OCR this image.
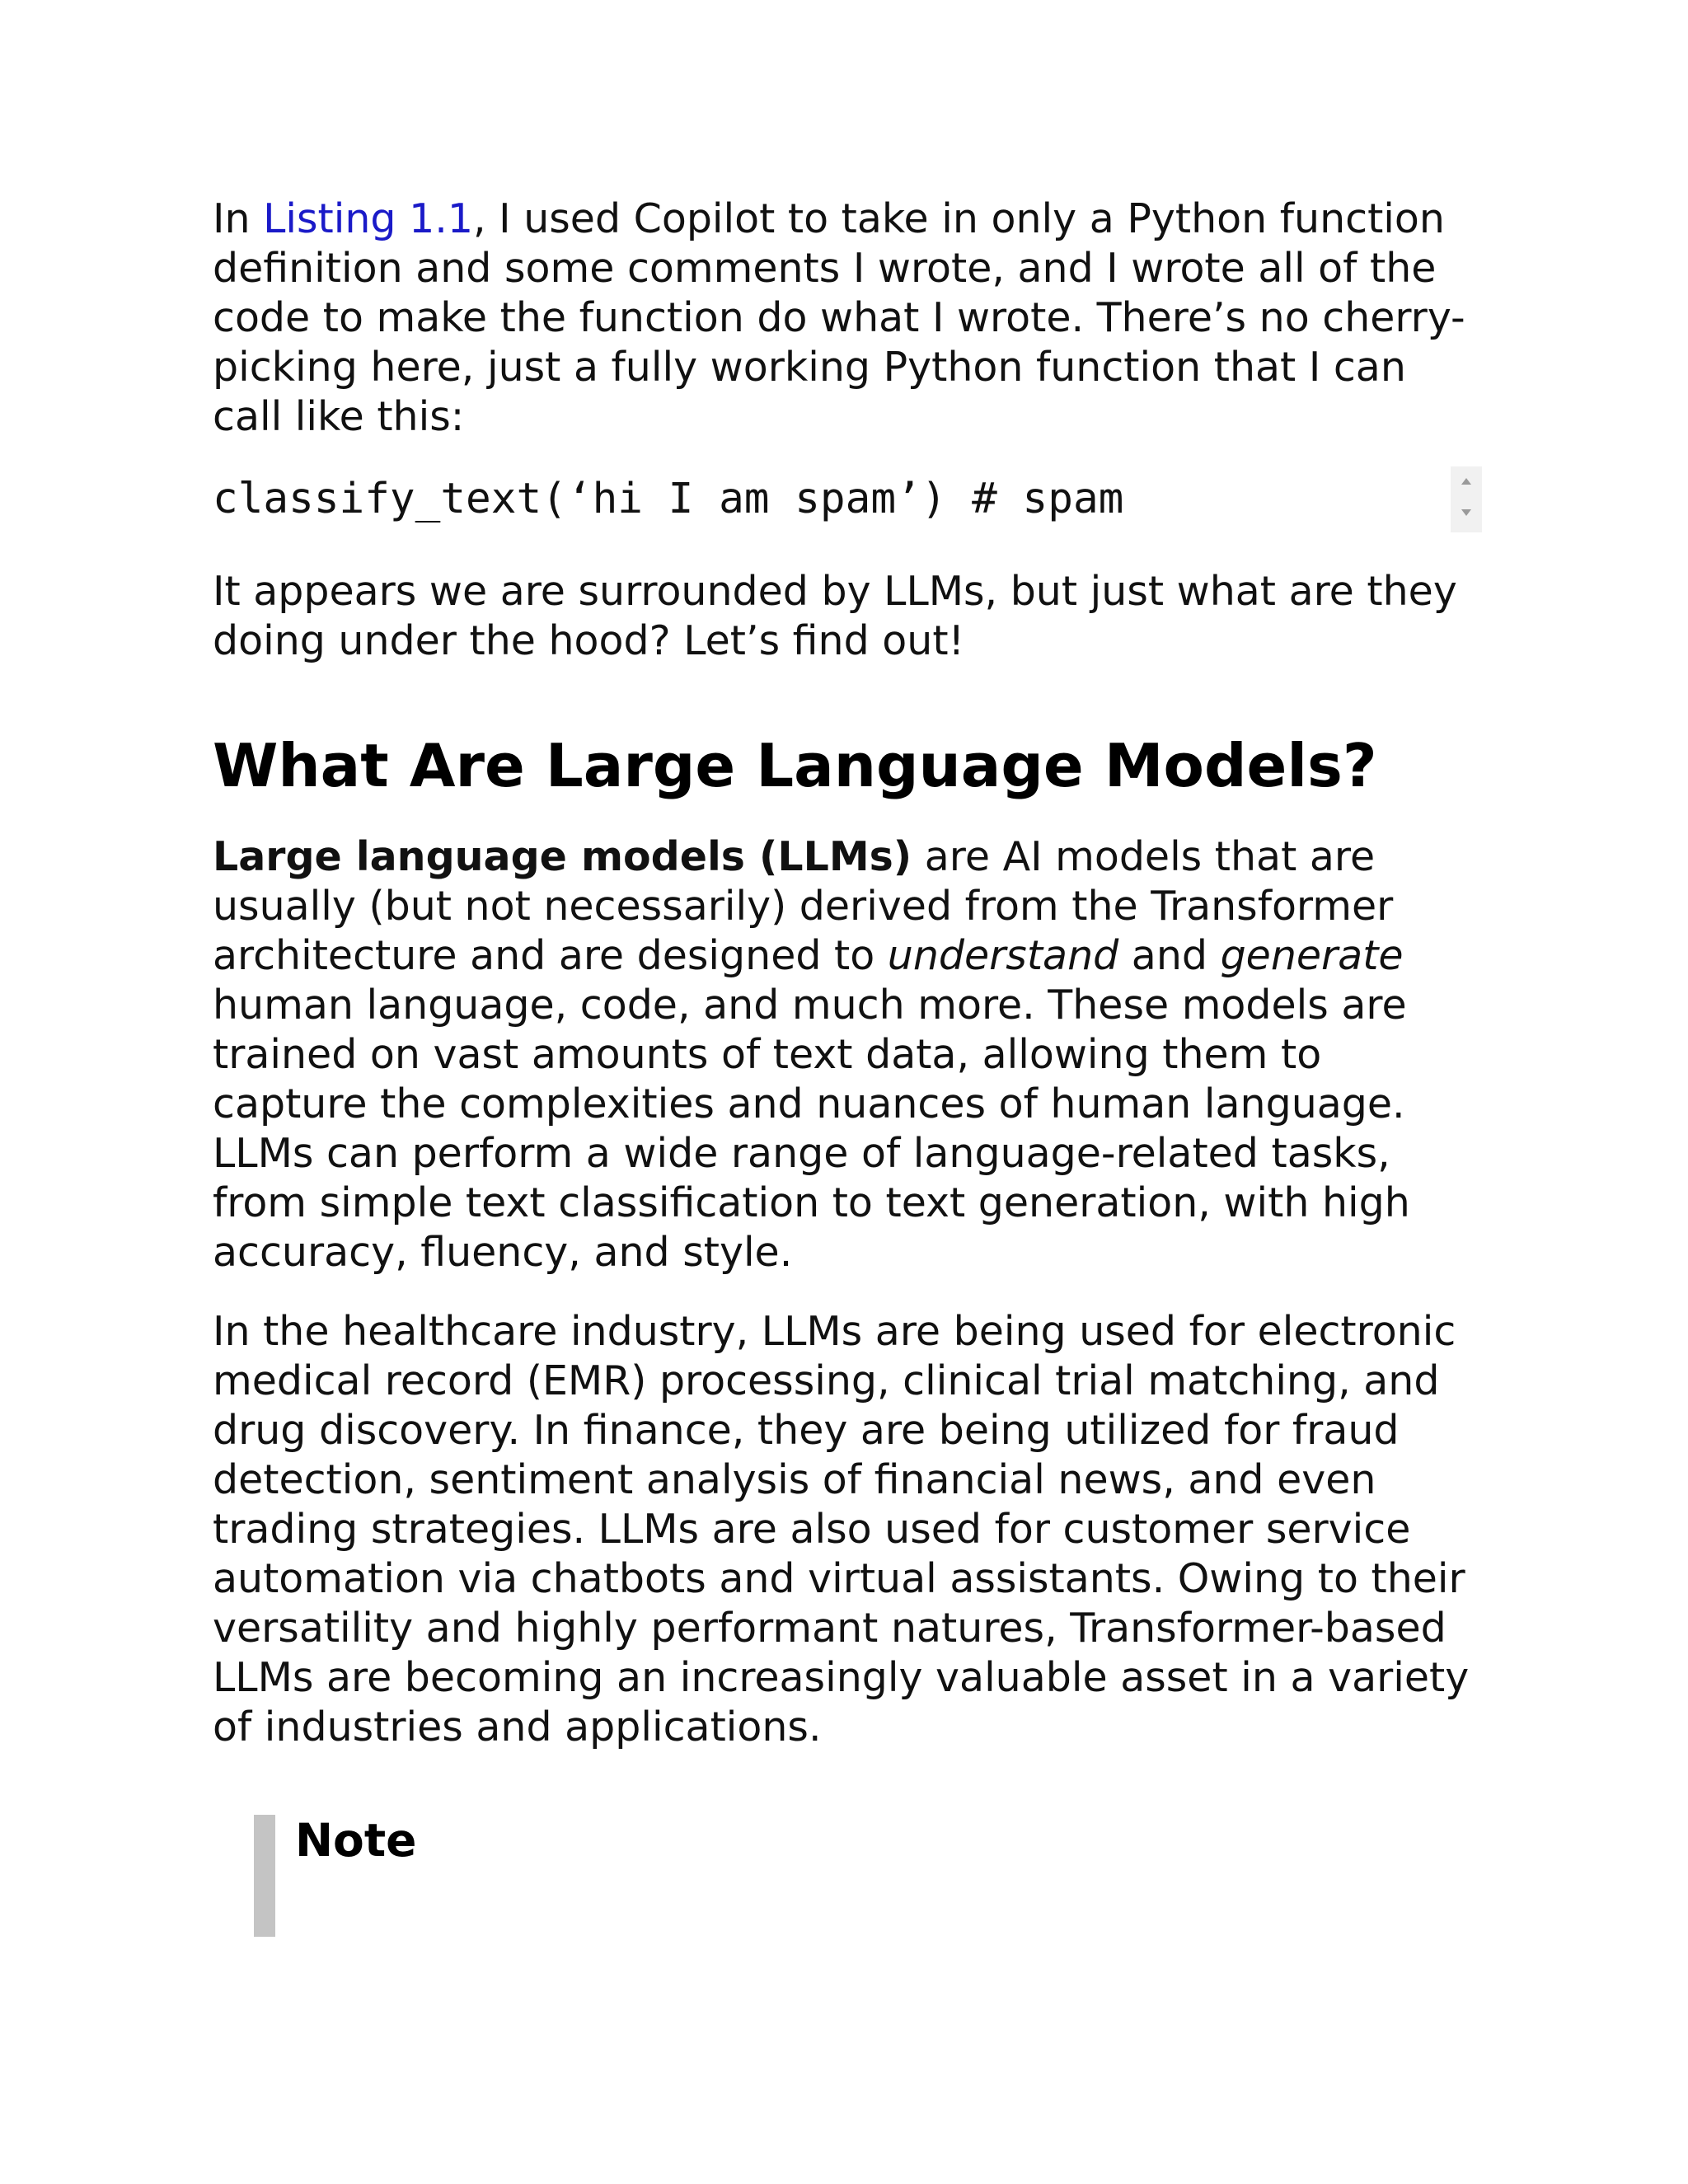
In Listing 1.1, I used Copilot to take in only a Python function definition and some comments I wrote, and I wrote all of the code to make the function do what I wrote. There’s no cherry-picking here, just a fully working Python function that I can call like this:

classify_text(‘hi I am spam’) # spam

It appears we are surrounded by LLMs, but just what are they doing under the hood? Let’s find out!

What Are Large Language Models?

Large language models (LLMs) are AI models that are usually (but not necessarily) derived from the Transformer architecture and are designed to understand and generate human language, code, and much more. These models are trained on vast amounts of text data, allowing them to capture the complexities and nuances of human language. LLMs can perform a wide range of language-related tasks, from simple text classification to text generation, with high accuracy, fluency, and style.

In the healthcare industry, LLMs are being used for electronic medical record (EMR) processing, clinical trial matching, and drug discovery. In finance, they are being utilized for fraud detection, sentiment analysis of financial news, and even trading strategies. LLMs are also used for customer service automation via chatbots and virtual assistants. Owing to their versatility and highly performant natures, Transformer-based LLMs are becoming an increasingly valuable asset in a variety of industries and applications.

Note
